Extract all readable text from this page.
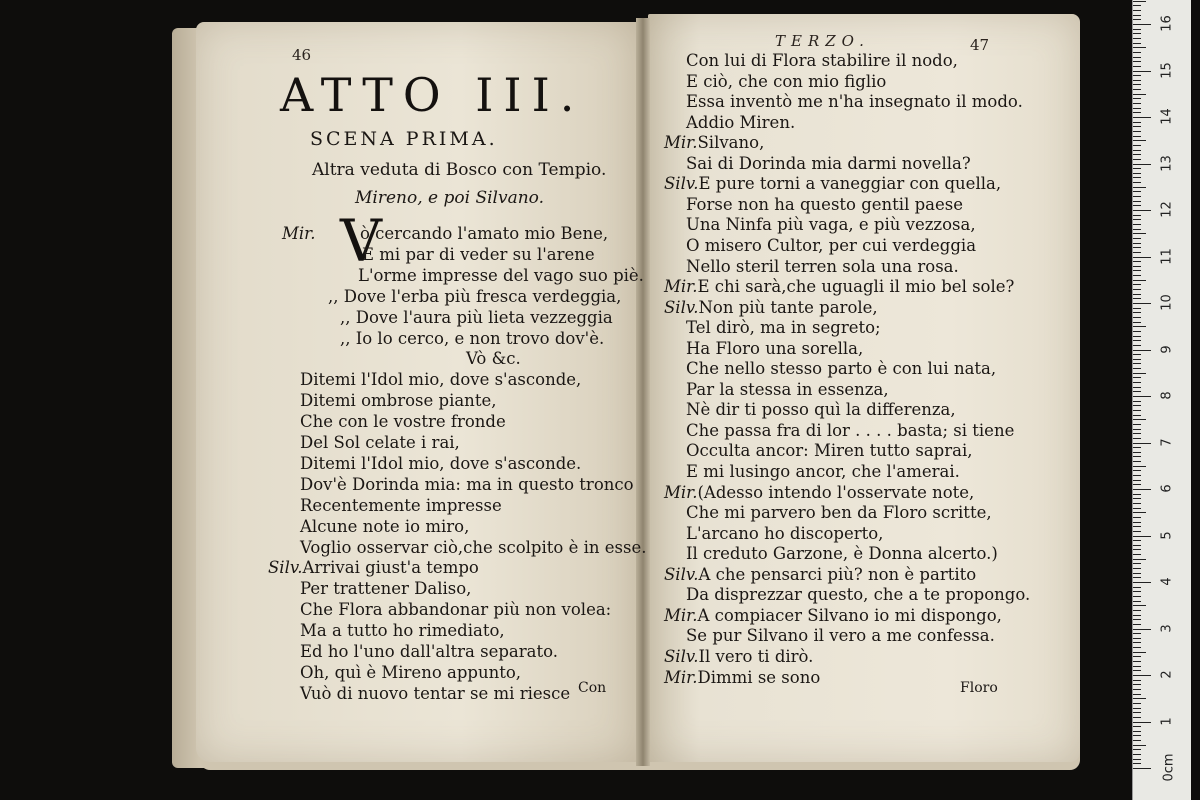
46
ATTO III.
SCENA PRIMA.
Altra veduta di Bosco con Tempio.
Mireno, e poi Silvano.
V
Mir.	ò cercando l'amato mio Bene,
E mi par di veder su l'arene
L'orme impresse del vago suo piè.
,, Dove l'erba più fresca verdeggia,
,, Dove l'aura più lieta vezzeggia
,, Io lo cerco, e non trovo dov'è.
Vò &c.
Ditemi l'Idol mio, dove s'asconde,
Ditemi ombrose piante,
Che con le vostre fronde
Del Sol celate i rai,
Ditemi l'Idol mio, dove s'asconde.
Dov'è Dorinda mia: ma in questo tronco
Recentemente impresse
Alcune note io miro,
Voglio osservar ciò,che scolpito è in esse.
Silv.Arrivai giust'a tempo
Per trattener Daliso,
Che Flora abbandonar più non volea:
Ma a tutto ho rimediato,
Ed ho l'uno dall'altra separato.
Oh, quì è Mireno appunto,
Vuò di nuovo tentar se mi riesce Con
TERZO.	47
Con lui di Flora stabilire il nodo,
E ciò, che con mio figlio
Essa inventò me n'ha insegnato il modo.
Addio Miren.
Mir.Silvano,
Sai di Dorinda mia darmi novella?
Silv.E pure torni a vaneggiar con quella,
Forse non ha questo gentil paese
Una Ninfa più vaga, e più vezzosa,
O misero Cultor, per cui verdeggia
Nello steril terren sola una rosa.
Mir.E chi sarà,che uguagli il mio bel sole?
Silv.Non più tante parole,
Tel dirò, ma in segreto;
Ha Floro una sorella,
Che nello stesso parto è con lui nata,
Par la stessa in essenza,
Nè dir ti posso quì la differenza,
Che passa fra di lor . . . . basta; si tiene
Occulta ancor: Miren tutto saprai,
E mi lusingo ancor, che l'amerai.
Mir.(Adesso intendo l'osservate note,
Che mi parvero ben da Floro scritte,
L'arcano ho discoperto,
Il creduto Garzone, è Donna alcerto.)
Silv.A che pensarci più? non è partito
Da disprezzar questo, che a te propongo.
Mir.A compiacer Silvano io mi dispongo,
Se pur Silvano il vero a me confessa.
Silv.Il vero ti dirò.
Mir.Dimmi se sono
Floro
0cm
1
2
3
4
5
6
7
8
9
10
11
12
13
14
15
16
